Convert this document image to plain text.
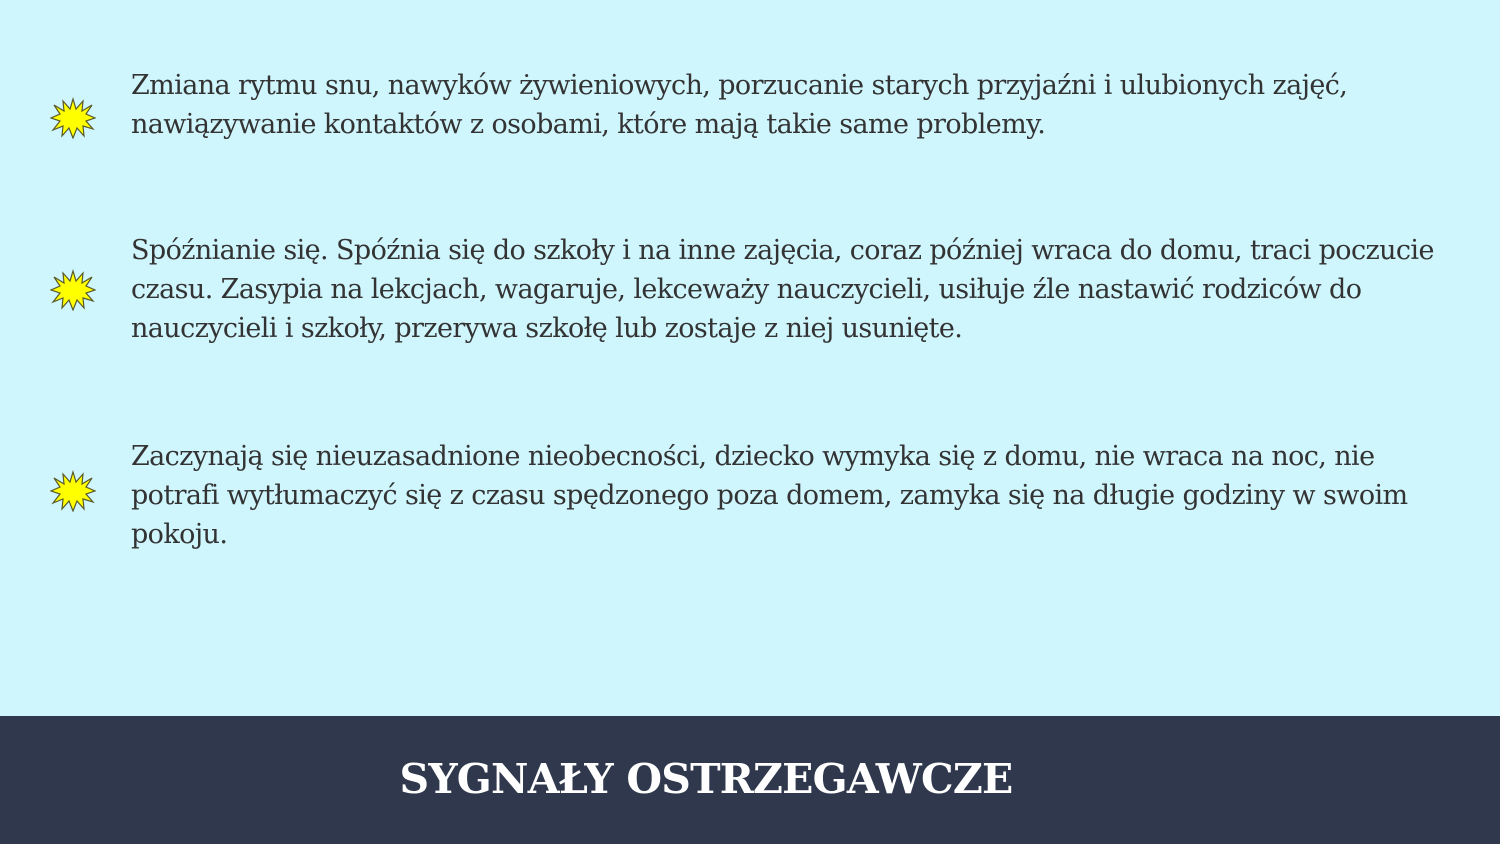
Zmiana rytmu snu, nawyków żywieniowych, porzucanie starych przyjaźni i ulubionych zajęć, nawiązywanie kontaktów z osobami, które mają takie same problemy.

Spóźnianie się. Spóźnia się do szkoły i na inne zajęcia, coraz później wraca do domu, traci poczucie czasu. Zasypia na lekcjach, wagaruje, lekceważy nauczycieli, usiłuje źle nastawić rodziców do nauczycieli i szkoły, przerywa szkołę lub zostaje z niej usunięte.

Zaczynają się nieuzasadnione nieobecności, dziecko wymyka się z domu, nie wraca na noc, nie potrafi wytłumaczyć się z czasu spędzonego poza domem, zamyka się na długie godziny w swoim pokoju.

SYGNAŁY OSTRZEGAWCZE
